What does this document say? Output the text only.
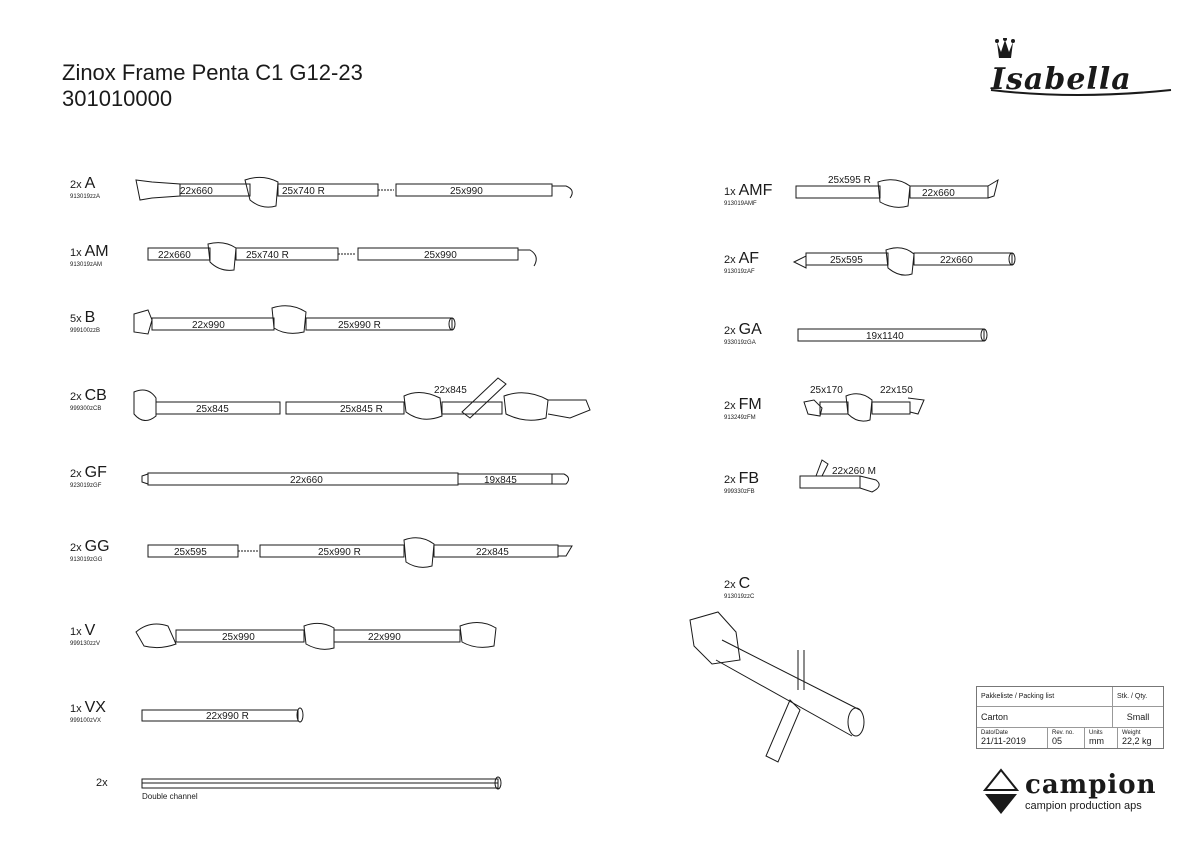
Zinox Frame Penta C1 G12-23
301010000
Isabella
2x A
913019zzA
1x AM
913019zAM
5x B
999100zzB
2x CB
999300zCB
2x GF
923019zGF
2x GG
913019zGG
1x V
999130zzV
1x VX
999100zVX
2x
Double channel
1x AMF
913019AMF
2x AF
913019zAF
2x GA
933019zGA
2x FM
913249zFM
2x FB
999330zFB
2x C
913019zzC
22x660	25x740 R	25x990
22x660	25x740 R	25x990
22x990	25x990 R
25x845	25x845 R
22x845
22x660	19x845
25x595	25x990 R	22x845
25x990	22x990
22x990 R
25x595 R
22x660
25x595	22x660
19x1140
25x170	22x150
22x260 M
Pakkeliste / Packing list	Stk. / Qty.
Carton	Small
Dato/Date
21/11-2019
Rev. no.
05
Units
mm
Weight
22,2 kg
campion
campion production aps
